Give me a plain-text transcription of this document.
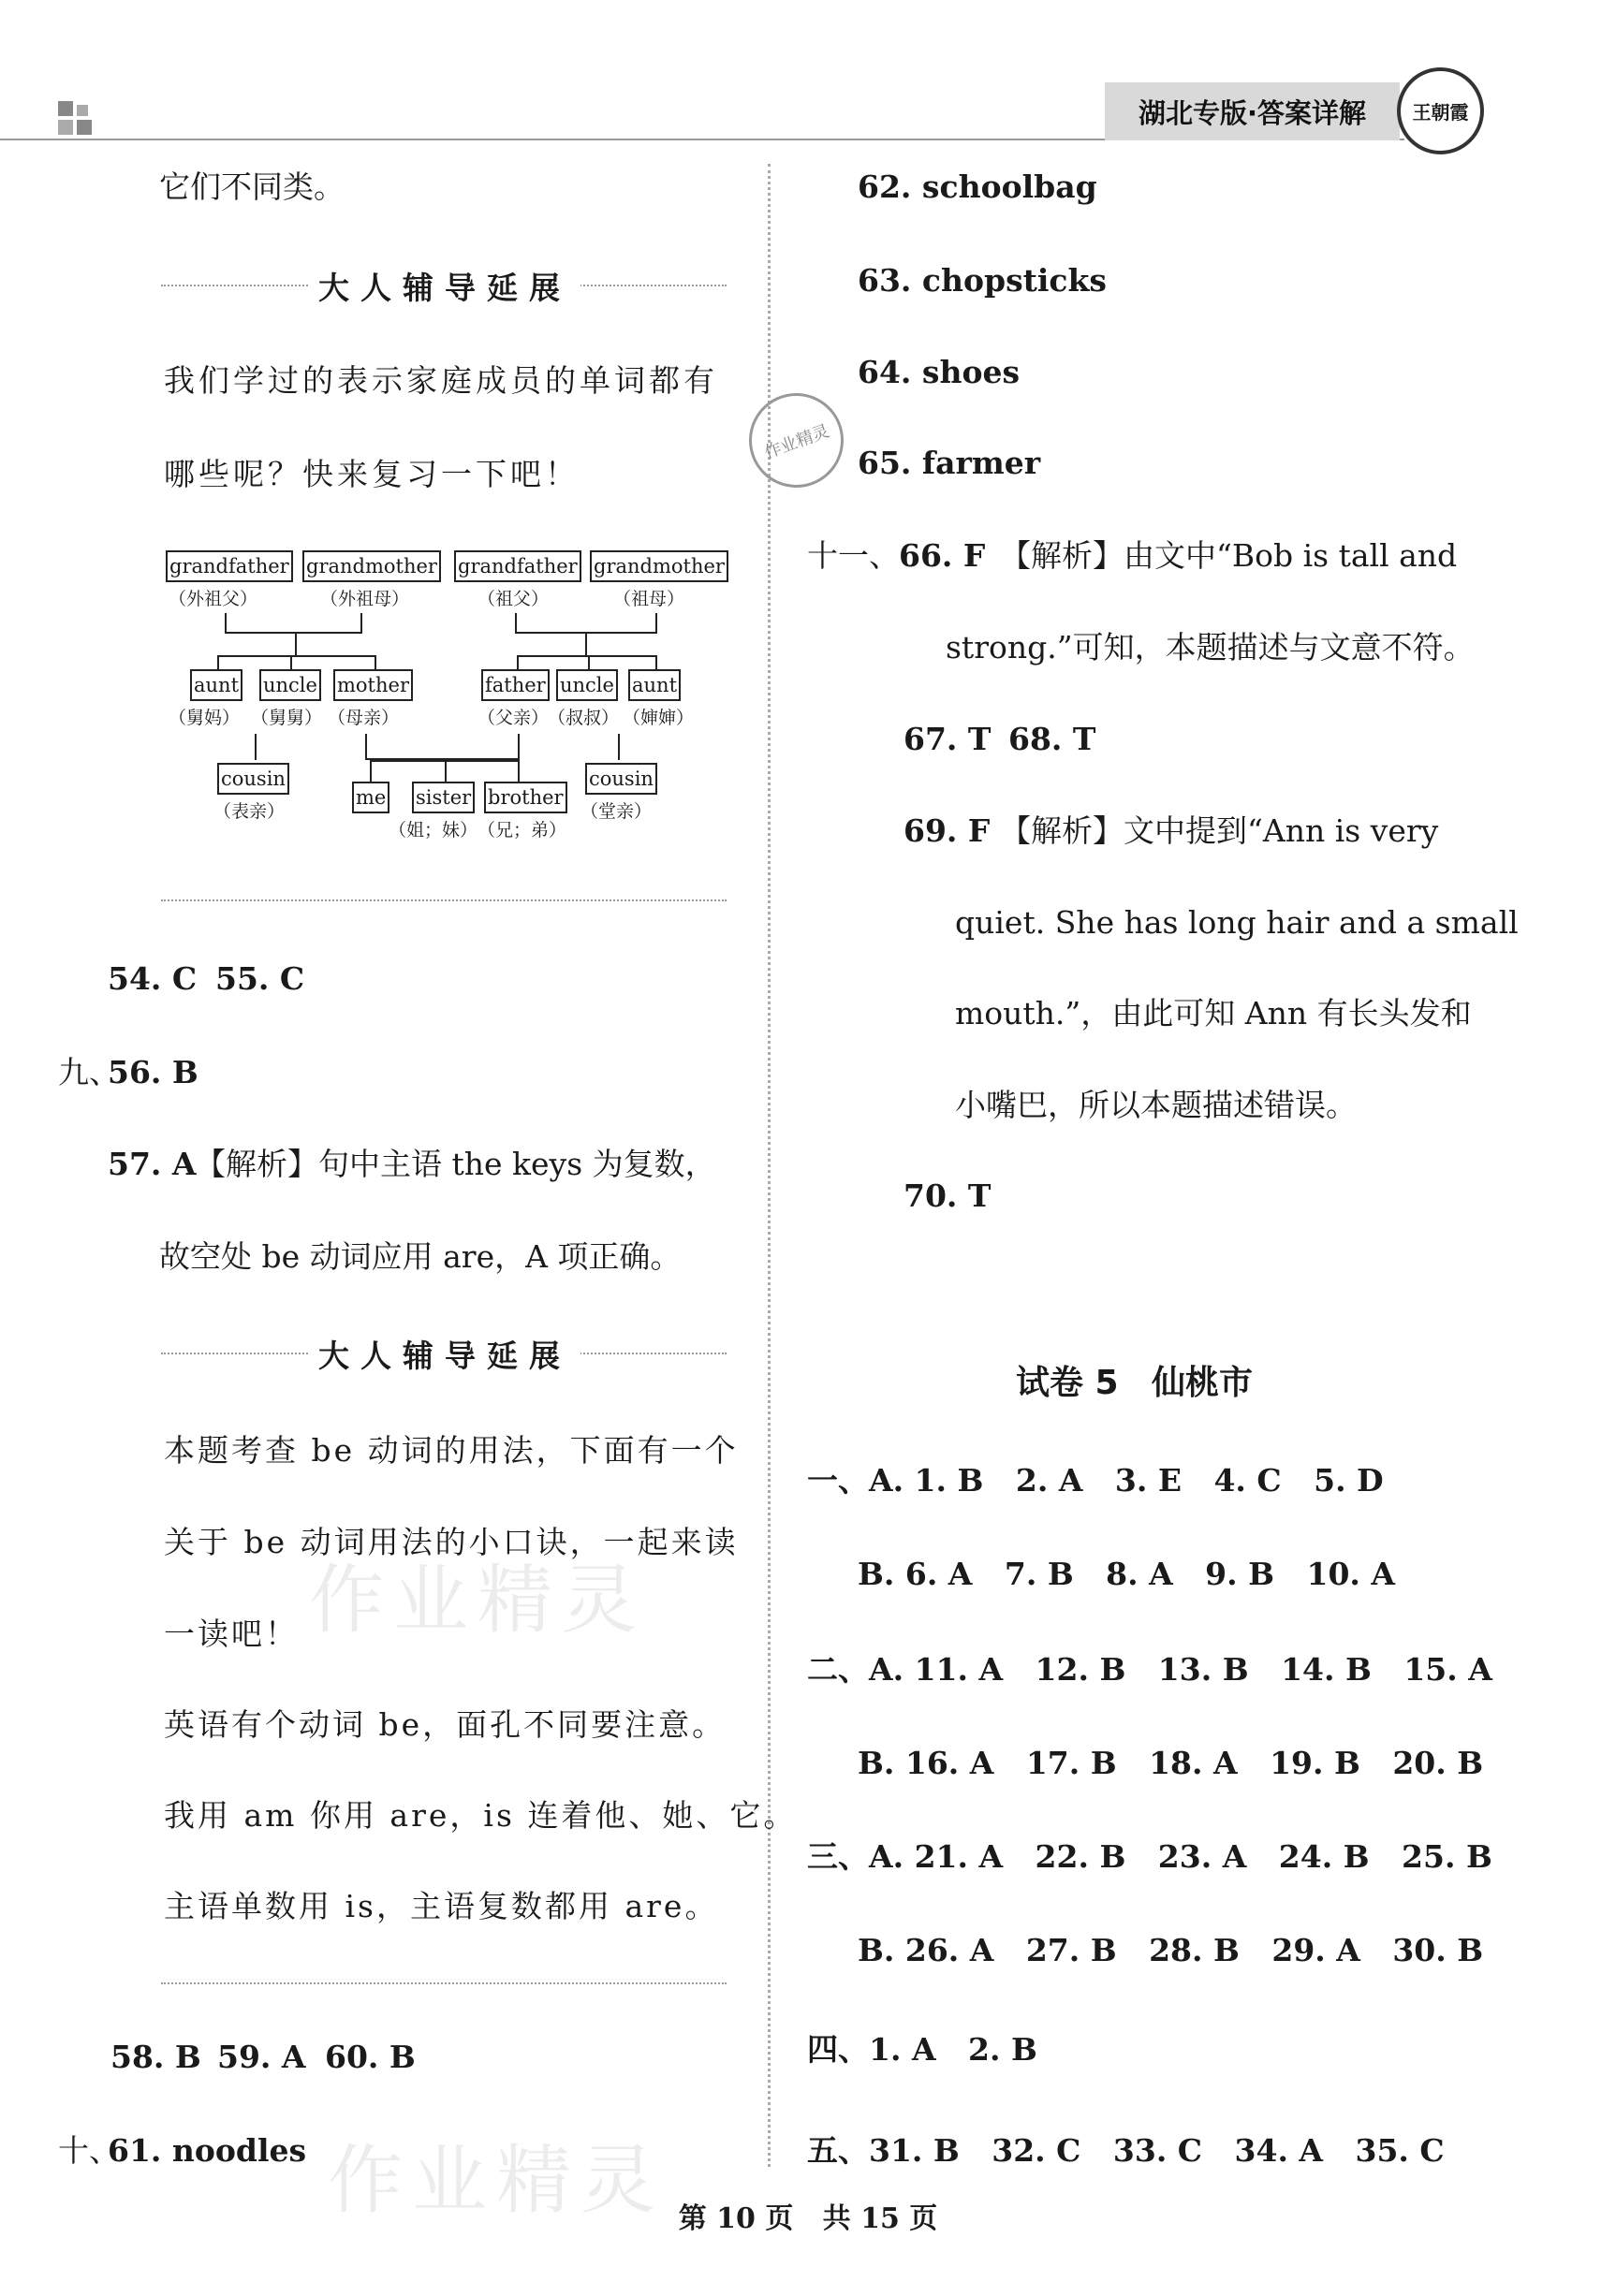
湖北专版·答案详解	王朝霞
作业精灵
作业精灵
作业精灵
它们不同类。
大人辅导延展
我们学过的表示家庭成员的单词都有
哪些呢？快来复习一下吧！
grandfather
（外祖父）
grandmother
（外祖母）
grandfather
（祖父）
grandmother
（祖母）
aunt
（舅妈）
uncle
（舅舅）
mother
（母亲）
father
（父亲）
uncle
（叔叔）
aunt
（婶婶）
cousin
（表亲）
me sister
（姐；妹）
brother
（兄；弟）
cousin
（堂亲）
54. C 55. C
九、
56. B
57. A
【解析】句中主语 the keys 为复数，
故空处 be 动词应用 are，A 项正确。
大人辅导延展
本题考查 be 动词的用法，下面有一个
关于 be 动词用法的小口诀，一起来读
一读吧！
英语有个动词 be，面孔不同要注意。
我用 am 你用 are，is 连着他、她、它。
主语单数用 is，主语复数都用 are。
58. B 59. A 60. B
十、
61. noodles
62. schoolbag
63. chopsticks
64. shoes
65. farmer
十一、 66. F 【解析】由文中“Bob is tall and
strong.”可知，本题描述与文意不符。
67. T 68. T
69. F 【解析】文中提到“Ann is very
quiet. She has long hair and a small
mouth.”，由此可知 Ann 有长头发和
小嘴巴，所以本题描述错误。
70. T
试卷 5 仙桃市
一、A. 1. B   2. A   3. E   4. C   5. D
B. 6. A   7. B   8. A   9. B   10. A
二、A. 11. A   12. B   13. B   14. B   15. A
B. 16. A   17. B   18. A   19. B   20. B
三、A. 21. A   22. B   23. A   24. B   25. B
B. 26. A   27. B   28. B   29. A   30. B
四、1. A   2. B
五、31. B   32. C   33. C   34. A   35. C
第 10 页   共 15 页
